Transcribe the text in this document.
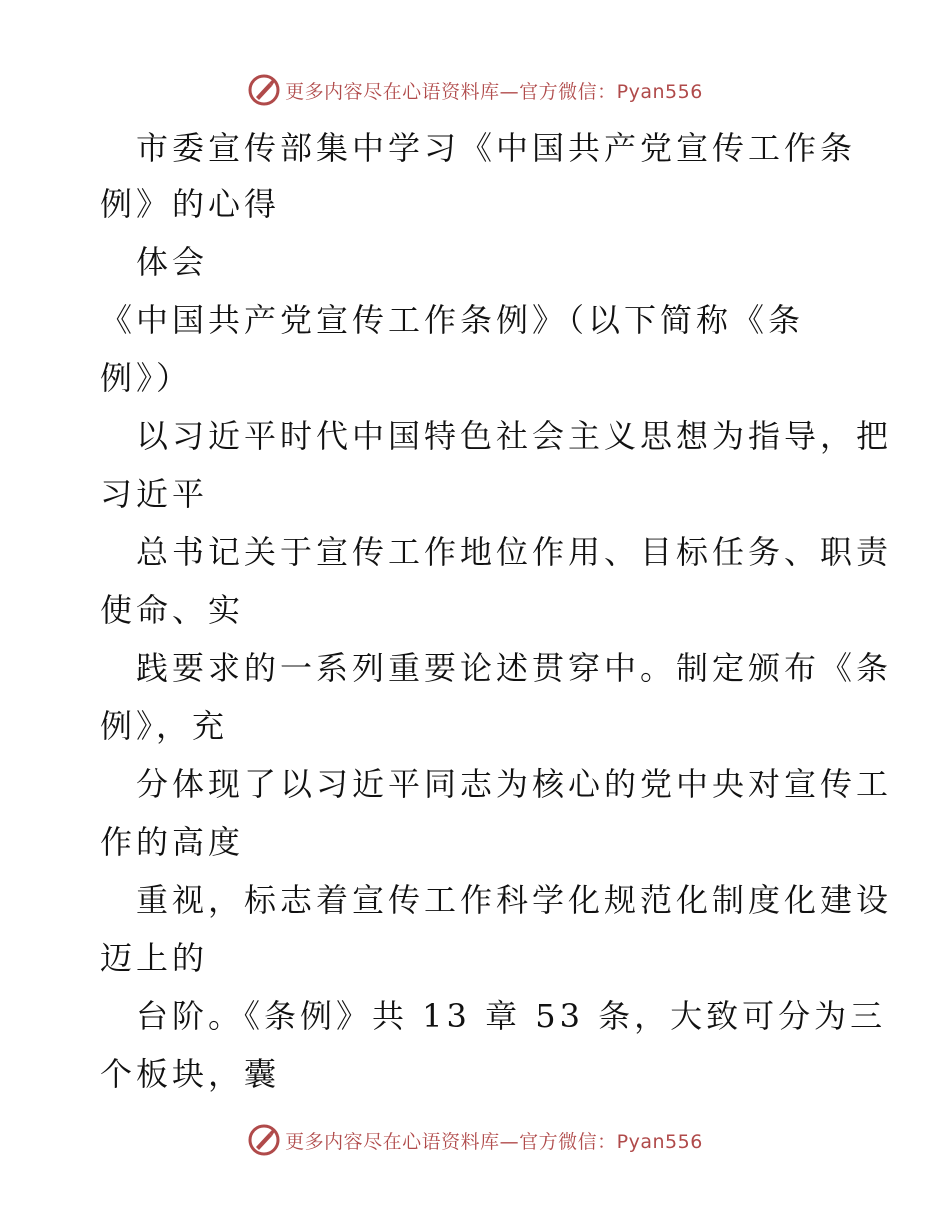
更多内容尽在心语资料库—官方微信：Pyan556
市委宣传部集中学习《中国共产党宣传工作条
例》的心得
体会
《中国共产党宣传工作条例》（以下简称《条
例》）
以习近平时代中国特色社会主义思想为指导，把
习近平
总书记关于宣传工作地位作用、目标任务、职责
使命、实
践要求的一系列重要论述贯穿中。制定颁布《条
例》，充
分体现了以习近平同志为核心的党中央对宣传工
作的高度
重视，标志着宣传工作科学化规范化制度化建设
迈上的
台阶。《条例》共 13 章 53 条，大致可分为三
个板块，囊
更多内容尽在心语资料库—官方微信：Pyan556
